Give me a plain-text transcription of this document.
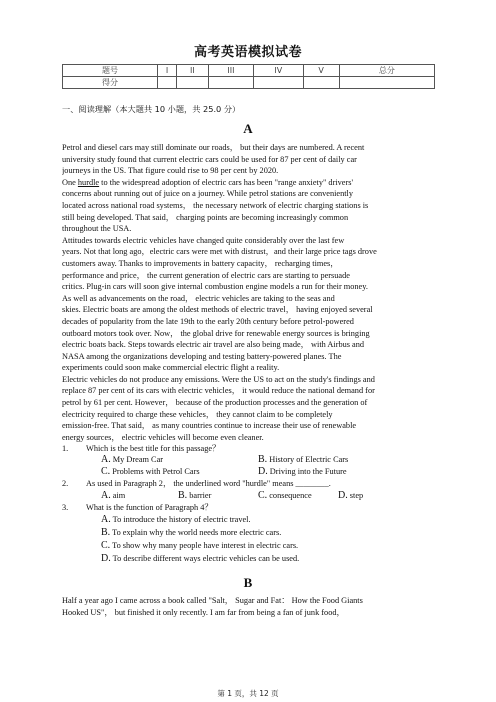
高考英语模拟试卷
题号	I	II	III	IV	V	总分
得分						
一、阅读理解（本大题共 10 小题，共 25.0 分）
A
Petrol and diesel cars may still dominate our roads， but their days are numbered. A recent
university study found that current electric cars could be used for 87 per cent of daily car
journeys in the US. That figure could rise to 98 per cent by 2020.
One hurdle to the widespread adoption of electric cars has been "range anxiety" drivers'
concerns about running out of juice on a journey. While petrol stations are conveniently
located across national road systems， the necessary network of electric charging stations is
still being developed. That said， charging points are becoming increasingly common
throughout the USA.
Attitudes towards electric vehicles have changed quite considerably over the last few
years. Not that long ago，electric cars were met with distrust，and their large price tags drove
customers away. Thanks to improvements in battery capacity， recharging times，
performance and price， the current generation of electric cars are starting to persuade
critics. Plug-in cars will soon give internal combustion engine models a run for their money.
As well as advancements on the road， electric vehicles are taking to the seas and
skies. Electric boats are among the oldest methods of electric travel， having enjoyed several
decades of popularity from the late 19th to the early 20th century before petrol-powered
outboard motors took over. Now， the global drive for renewable energy sources is bringing
electric boats back. Steps towards electric air travel are also being made， with Airbus and
NASA among the organizations developing and testing battery-powered planes. The
experiments could soon make commercial electric flight a reality.
Electric vehicles do not produce any emissions. Were the US to act on the study's findings and
replace 87 per cent of its cars with electric vehicles， it would reduce the national demand for
petrol by 61 per cent. However， because of the production processes and the generation of
electricity required to charge these vehicles， they cannot claim to be completely
emission-free. That said， as many countries continue to increase their use of renewable
energy sources， electric vehicles will become even cleaner.
1. Which is the best title for this passage？
A. My Dream Car	B. History of Electric Cars
C. Problems with Petrol Cars	D. Driving into the Future
2. As used in Paragraph 2， the underlined word "hurdle" means ________.
A. aim	B. barrier	C. consequence	D. step
3. What is the function of Paragraph 4？
A. To introduce the history of electric travel.
B. To explain why the world needs more electric cars.
C. To show why many people have interest in electric cars.
D. To describe different ways electric vehicles can be used.
B
Half a year ago I came across a book called "Salt， Sugar and Fat： How the Food Giants
Hooked US"， but finished it only recently. I am far from being a fan of junk food，
第 1 页，共 12 页
